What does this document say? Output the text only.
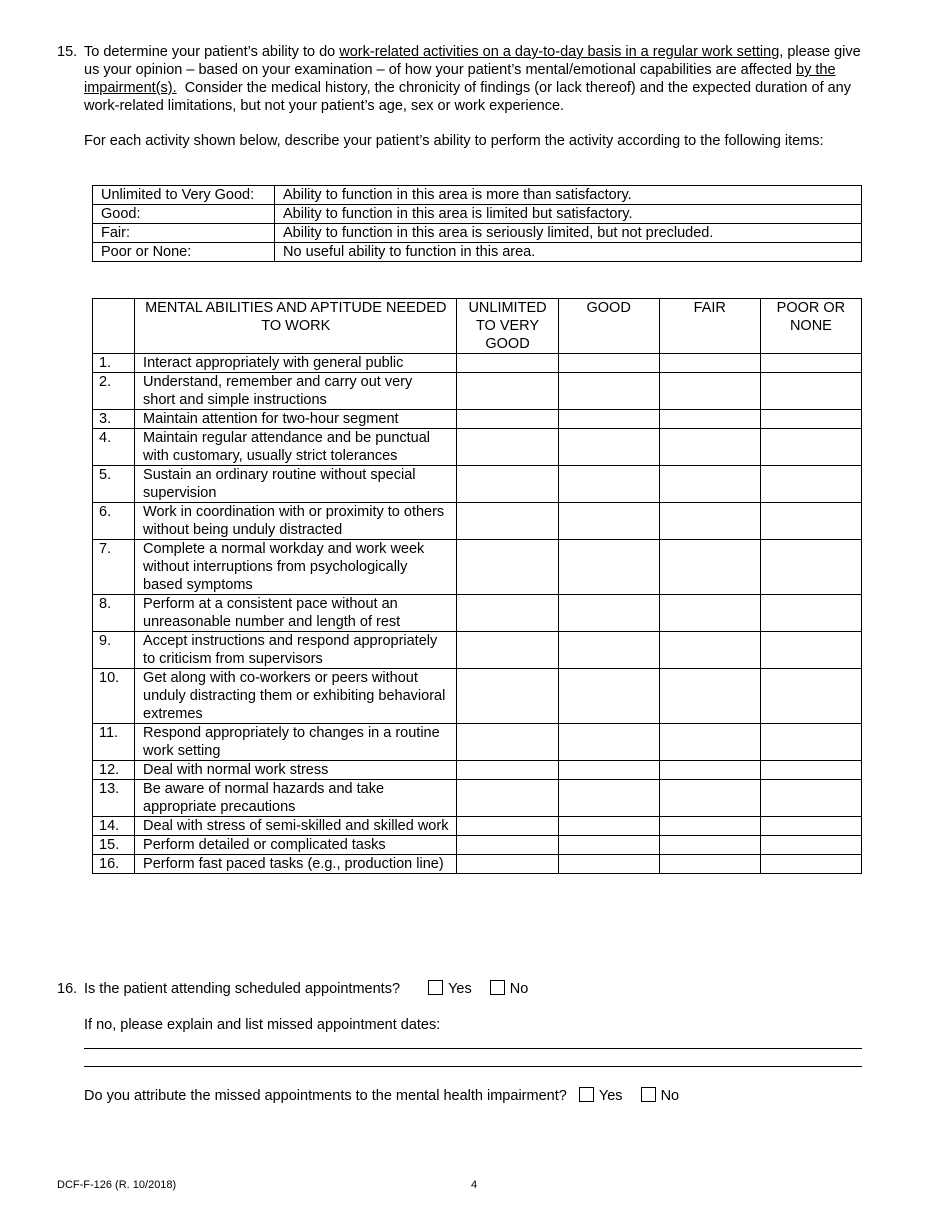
15. To determine your patient’s ability to do work-related activities on a day-to-day basis in a regular work setting, please give us your opinion – based on your examination – of how your patient’s mental/emotional capabilities are affected by the impairment(s).  Consider the medical history, the chronicity of findings (or lack thereof) and the expected duration of any work-related limitations, but not your patient’s age, sex or work experience.
For each activity shown below, describe your patient’s ability to perform the activity according to the following items:
Unlimited to Very Good:	Ability to function in this area is more than satisfactory.
Good:	Ability to function in this area is limited but satisfactory.
Fair:	Ability to function in this area is seriously limited, but not precluded.
Poor or None:	No useful ability to function in this area.
	MENTAL ABILITIES AND APTITUDE NEEDED TO WORK	UNLIMITED TO VERY GOOD	GOOD	FAIR	POOR OR NONE
1.	Interact appropriately with general public				
2.	Understand, remember and carry out very short and simple instructions				
3.	Maintain attention for two-hour segment				
4.	Maintain regular attendance and be punctual with customary, usually strict tolerances				
5.	Sustain an ordinary routine without special supervision				
6.	Work in coordination with or proximity to others without being unduly distracted				
7.	Complete a normal workday and work week without interruptions from psychologically based symptoms				
8.	Perform at a consistent pace without an unreasonable number and length of rest				
9.	Accept instructions and respond appropriately to criticism from supervisors				
10.	Get along with co-workers or peers without unduly distracting them or exhibiting behavioral extremes				
11.	Respond appropriately to changes in a routine work setting				
12.	Deal with normal work stress				
13.	Be aware of normal hazards and take appropriate precautions				
14.	Deal with stress of semi-skilled and skilled work				
15.	Perform detailed or complicated tasks				
16.	Perform fast paced tasks (e.g., production line)				
16. Is the patient attending scheduled appointments?	Yes	No
If no, please explain and list missed appointment dates:
Do you attribute the missed appointments to the mental health impairment? Yes	No
DCF-F-126 (R. 10/2018)	4
